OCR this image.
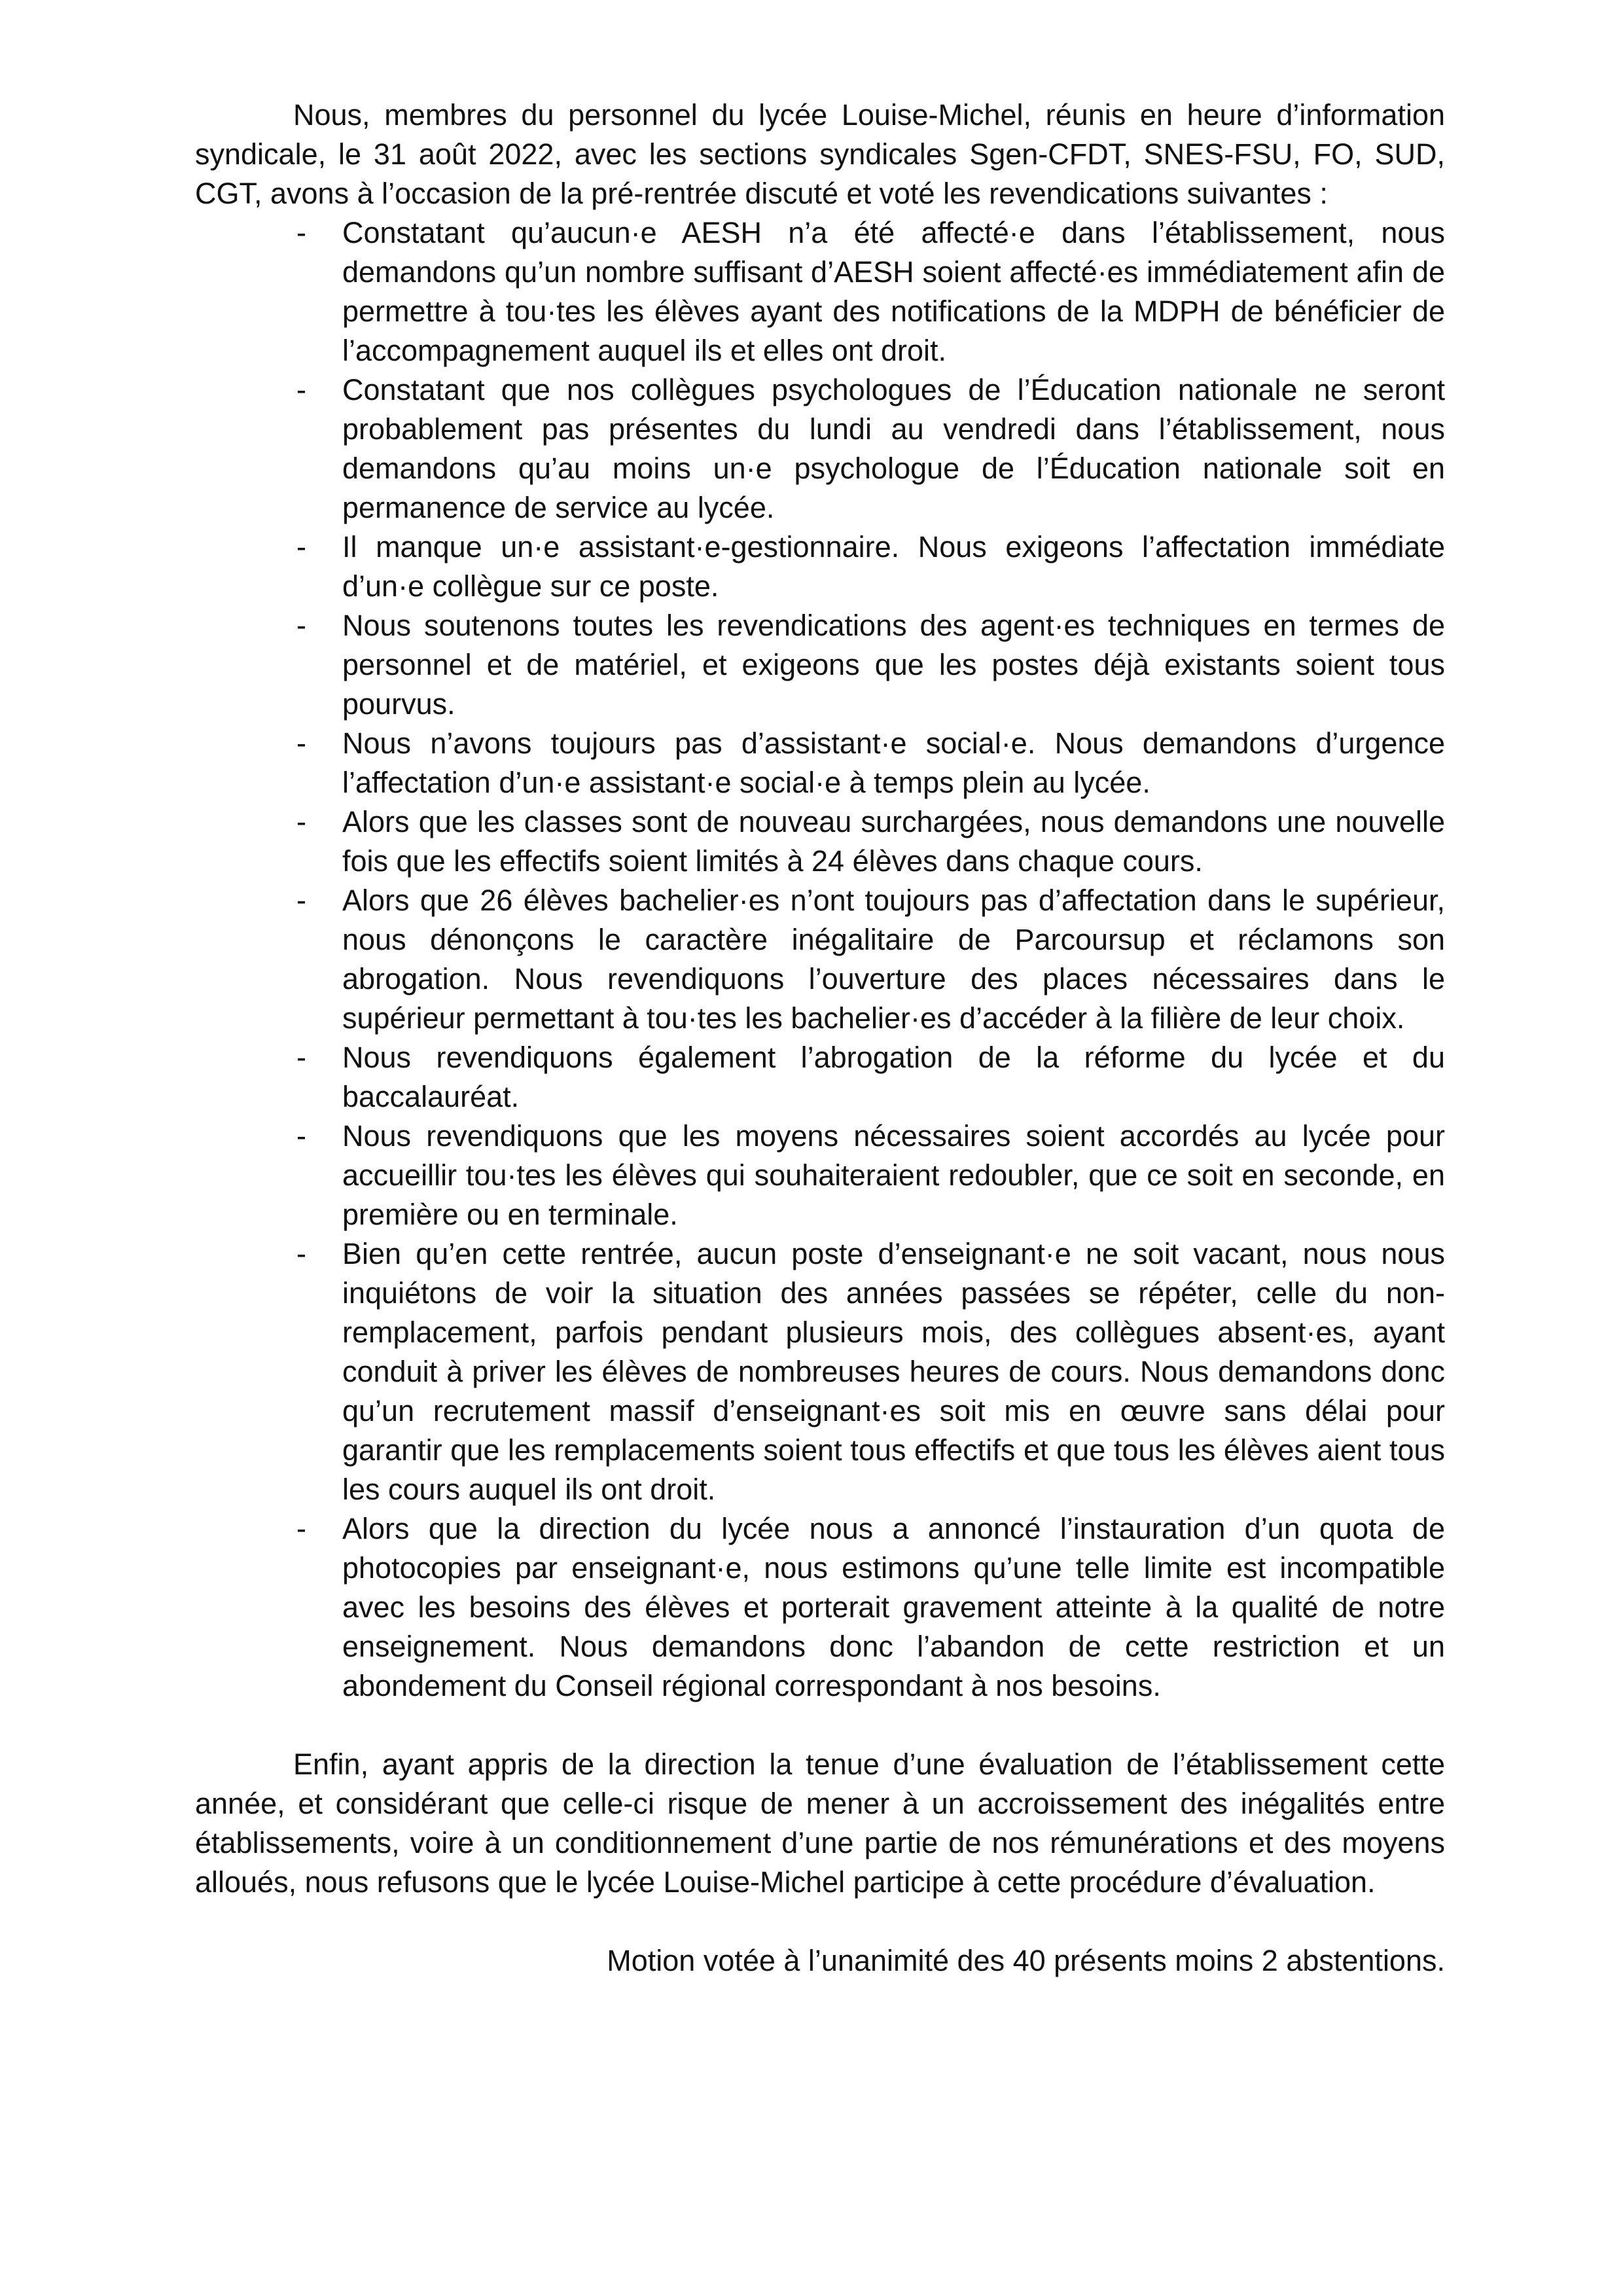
Nous, membres du personnel du lycée Louise-Michel, réunis en heure d’information syndicale, le 31 août 2022, avec les sections syndicales Sgen-CFDT, SNES-FSU, FO, SUD, CGT, avons à l’occasion de la pré-rentrée discuté et voté les revendications suivantes :

- Constatant qu’aucun·e AESH n’a été affecté·e dans l’établissement, nous demandons qu’un nombre suffisant d’AESH soient affecté·es immédiatement afin de permettre à tou·tes les élèves ayant des notifications de la MDPH de bénéficier de l’accompagnement auquel ils et elles ont droit.
- Constatant que nos collègues psychologues de l’Éducation nationale ne seront probablement pas présentes du lundi au vendredi dans l’établissement, nous demandons qu’au moins un·e psychologue de l’Éducation nationale soit en permanence de service au lycée.
- Il manque un·e assistant·e-gestionnaire. Nous exigeons l’affectation immédiate d’un·e collègue sur ce poste.
- Nous soutenons toutes les revendications des agent·es techniques en termes de personnel et de matériel, et exigeons que les postes déjà existants soient tous pourvus.
- Nous n’avons toujours pas d’assistant·e social·e. Nous demandons d’urgence l’affectation d’un·e assistant·e social·e à temps plein au lycée.
- Alors que les classes sont de nouveau surchargées, nous demandons une nouvelle fois que les effectifs soient limités à 24 élèves dans chaque cours.
- Alors que 26 élèves bachelier·es n’ont toujours pas d’affectation dans le supérieur, nous dénonçons le caractère inégalitaire de Parcoursup et réclamons son abrogation. Nous revendiquons l’ouverture des places nécessaires dans le supérieur permettant à tou·tes les bachelier·es d’accéder à la filière de leur choix.
- Nous revendiquons également l’abrogation de la réforme du lycée et du baccalauréat.
- Nous revendiquons que les moyens nécessaires soient accordés au lycée pour accueillir tou·tes les élèves qui souhaiteraient redoubler, que ce soit en seconde, en première ou en terminale.
- Bien qu’en cette rentrée, aucun poste d’enseignant·e ne soit vacant, nous nous inquiétons de voir la situation des années passées se répéter, celle du non-remplacement, parfois pendant plusieurs mois, des collègues absent·es, ayant conduit à priver les élèves de nombreuses heures de cours. Nous demandons donc qu’un recrutement massif d’enseignant·es soit mis en œuvre sans délai pour garantir que les remplacements soient tous effectifs et que tous les élèves aient tous les cours auquel ils ont droit.
- Alors que la direction du lycée nous a annoncé l’instauration d’un quota de photocopies par enseignant·e, nous estimons qu’une telle limite est incompatible avec les besoins des élèves et porterait gravement atteinte à la qualité de notre enseignement. Nous demandons donc l’abandon de cette restriction et un abondement du Conseil régional correspondant à nos besoins.

Enfin, ayant appris de la direction la tenue d’une évaluation de l’établissement cette année, et considérant que celle-ci risque de mener à un accroissement des inégalités entre établissements, voire à un conditionnement d’une partie de nos rémunérations et des moyens alloués, nous refusons que le lycée Louise-Michel participe à cette procédure d’évaluation.

Motion votée à l’unanimité des 40 présents moins 2 abstentions.
